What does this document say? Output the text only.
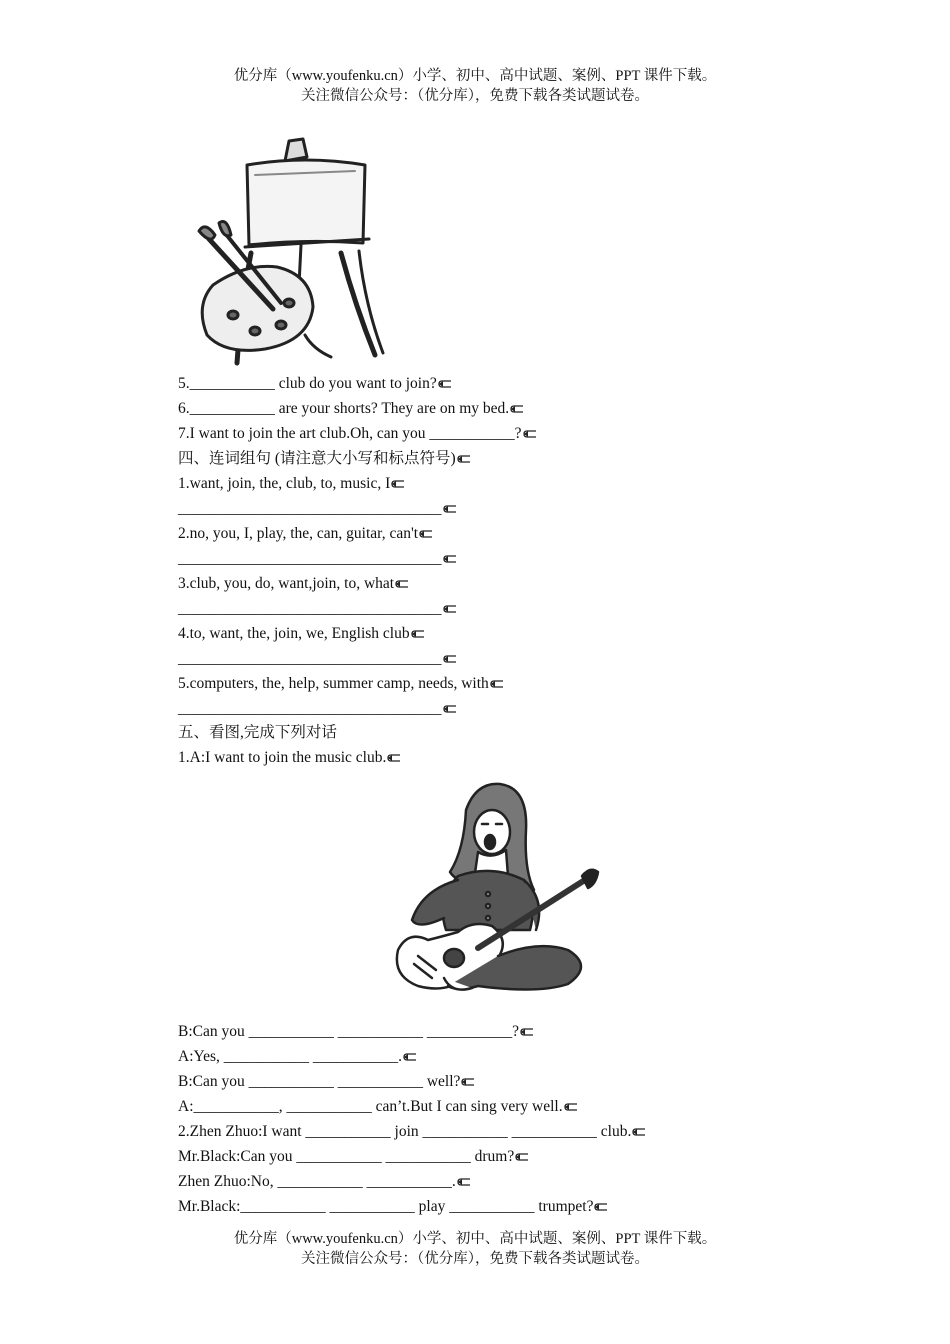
优分库（www.youfenku.cn）小学、初中、高中试题、案例、PPT 课件下载。
关注微信公众号：（优分库），免费下载各类试题试卷。
5.___________ club do you want to join?
6.___________ are your shorts? They are on my bed.
7.I want to join the art club.Oh, can you ___________?
四、连词组句 (请注意大小写和标点符号)
1.want, join, the, club, to, music, I
__________________________________
2.no, you, I, play, the, can, guitar, can't
__________________________________
3.club, you, do, want,join, to, what
__________________________________
4.to, want, the, join, we, English club
__________________________________
5.computers, the, help, summer camp, needs, with
__________________________________
五、看图,完成下列对话
1.A:I want to join the music club.
B:Can you ___________ ___________ ___________?
A:Yes, ___________ ___________.
B:Can you ___________ ___________ well?
A:___________, ___________ can’t.But I can sing very well.
2.Zhen Zhuo:I want ___________ join ___________ ___________ club.
Mr.Black:Can you ___________ ___________ drum?
Zhen Zhuo:No, ___________ ___________.
Mr.Black:___________ ___________ play ___________ trumpet?
优分库（www.youfenku.cn）小学、初中、高中试题、案例、PPT 课件下载。
关注微信公众号：（优分库），免费下载各类试题试卷。
